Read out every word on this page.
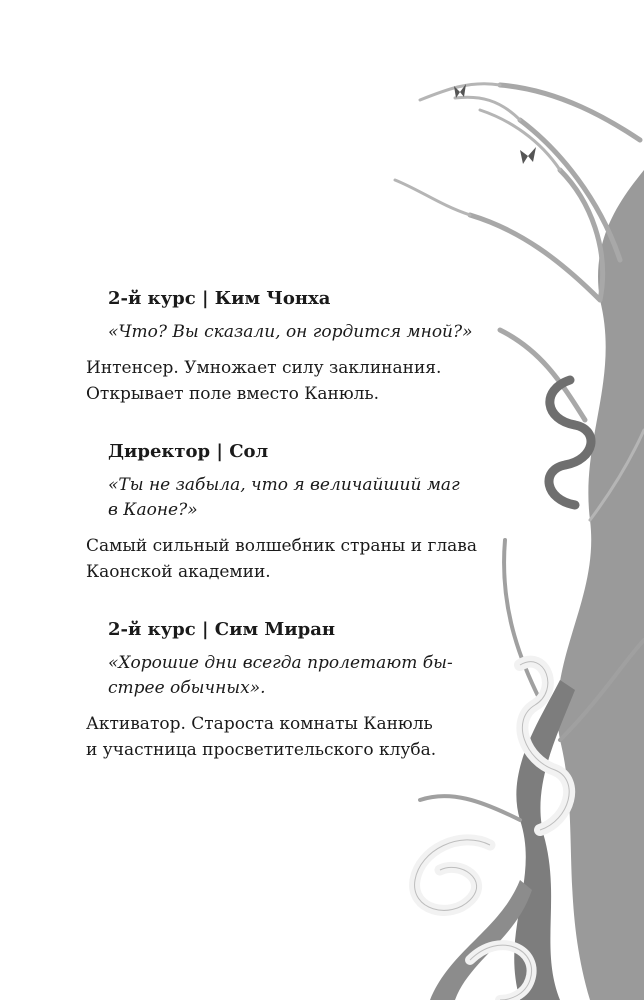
2-й курс | Ким Чонха
«Что? Вы сказали, он гордится мной?»
Интенсер. Умножает силу заклинания.
Открывает поле вместо Канюль.
Директор | Сол
«Ты не забыла, что я величайший маг
в Каоне?»
Самый сильный волшебник страны и глава
Каонской академии.
2-й курс | Сим Миран
«Хорошие дни всегда пролетают бы-
стрее обычных».
Активатор. Староста комнаты Канюль
и участница просветительского клуба.
